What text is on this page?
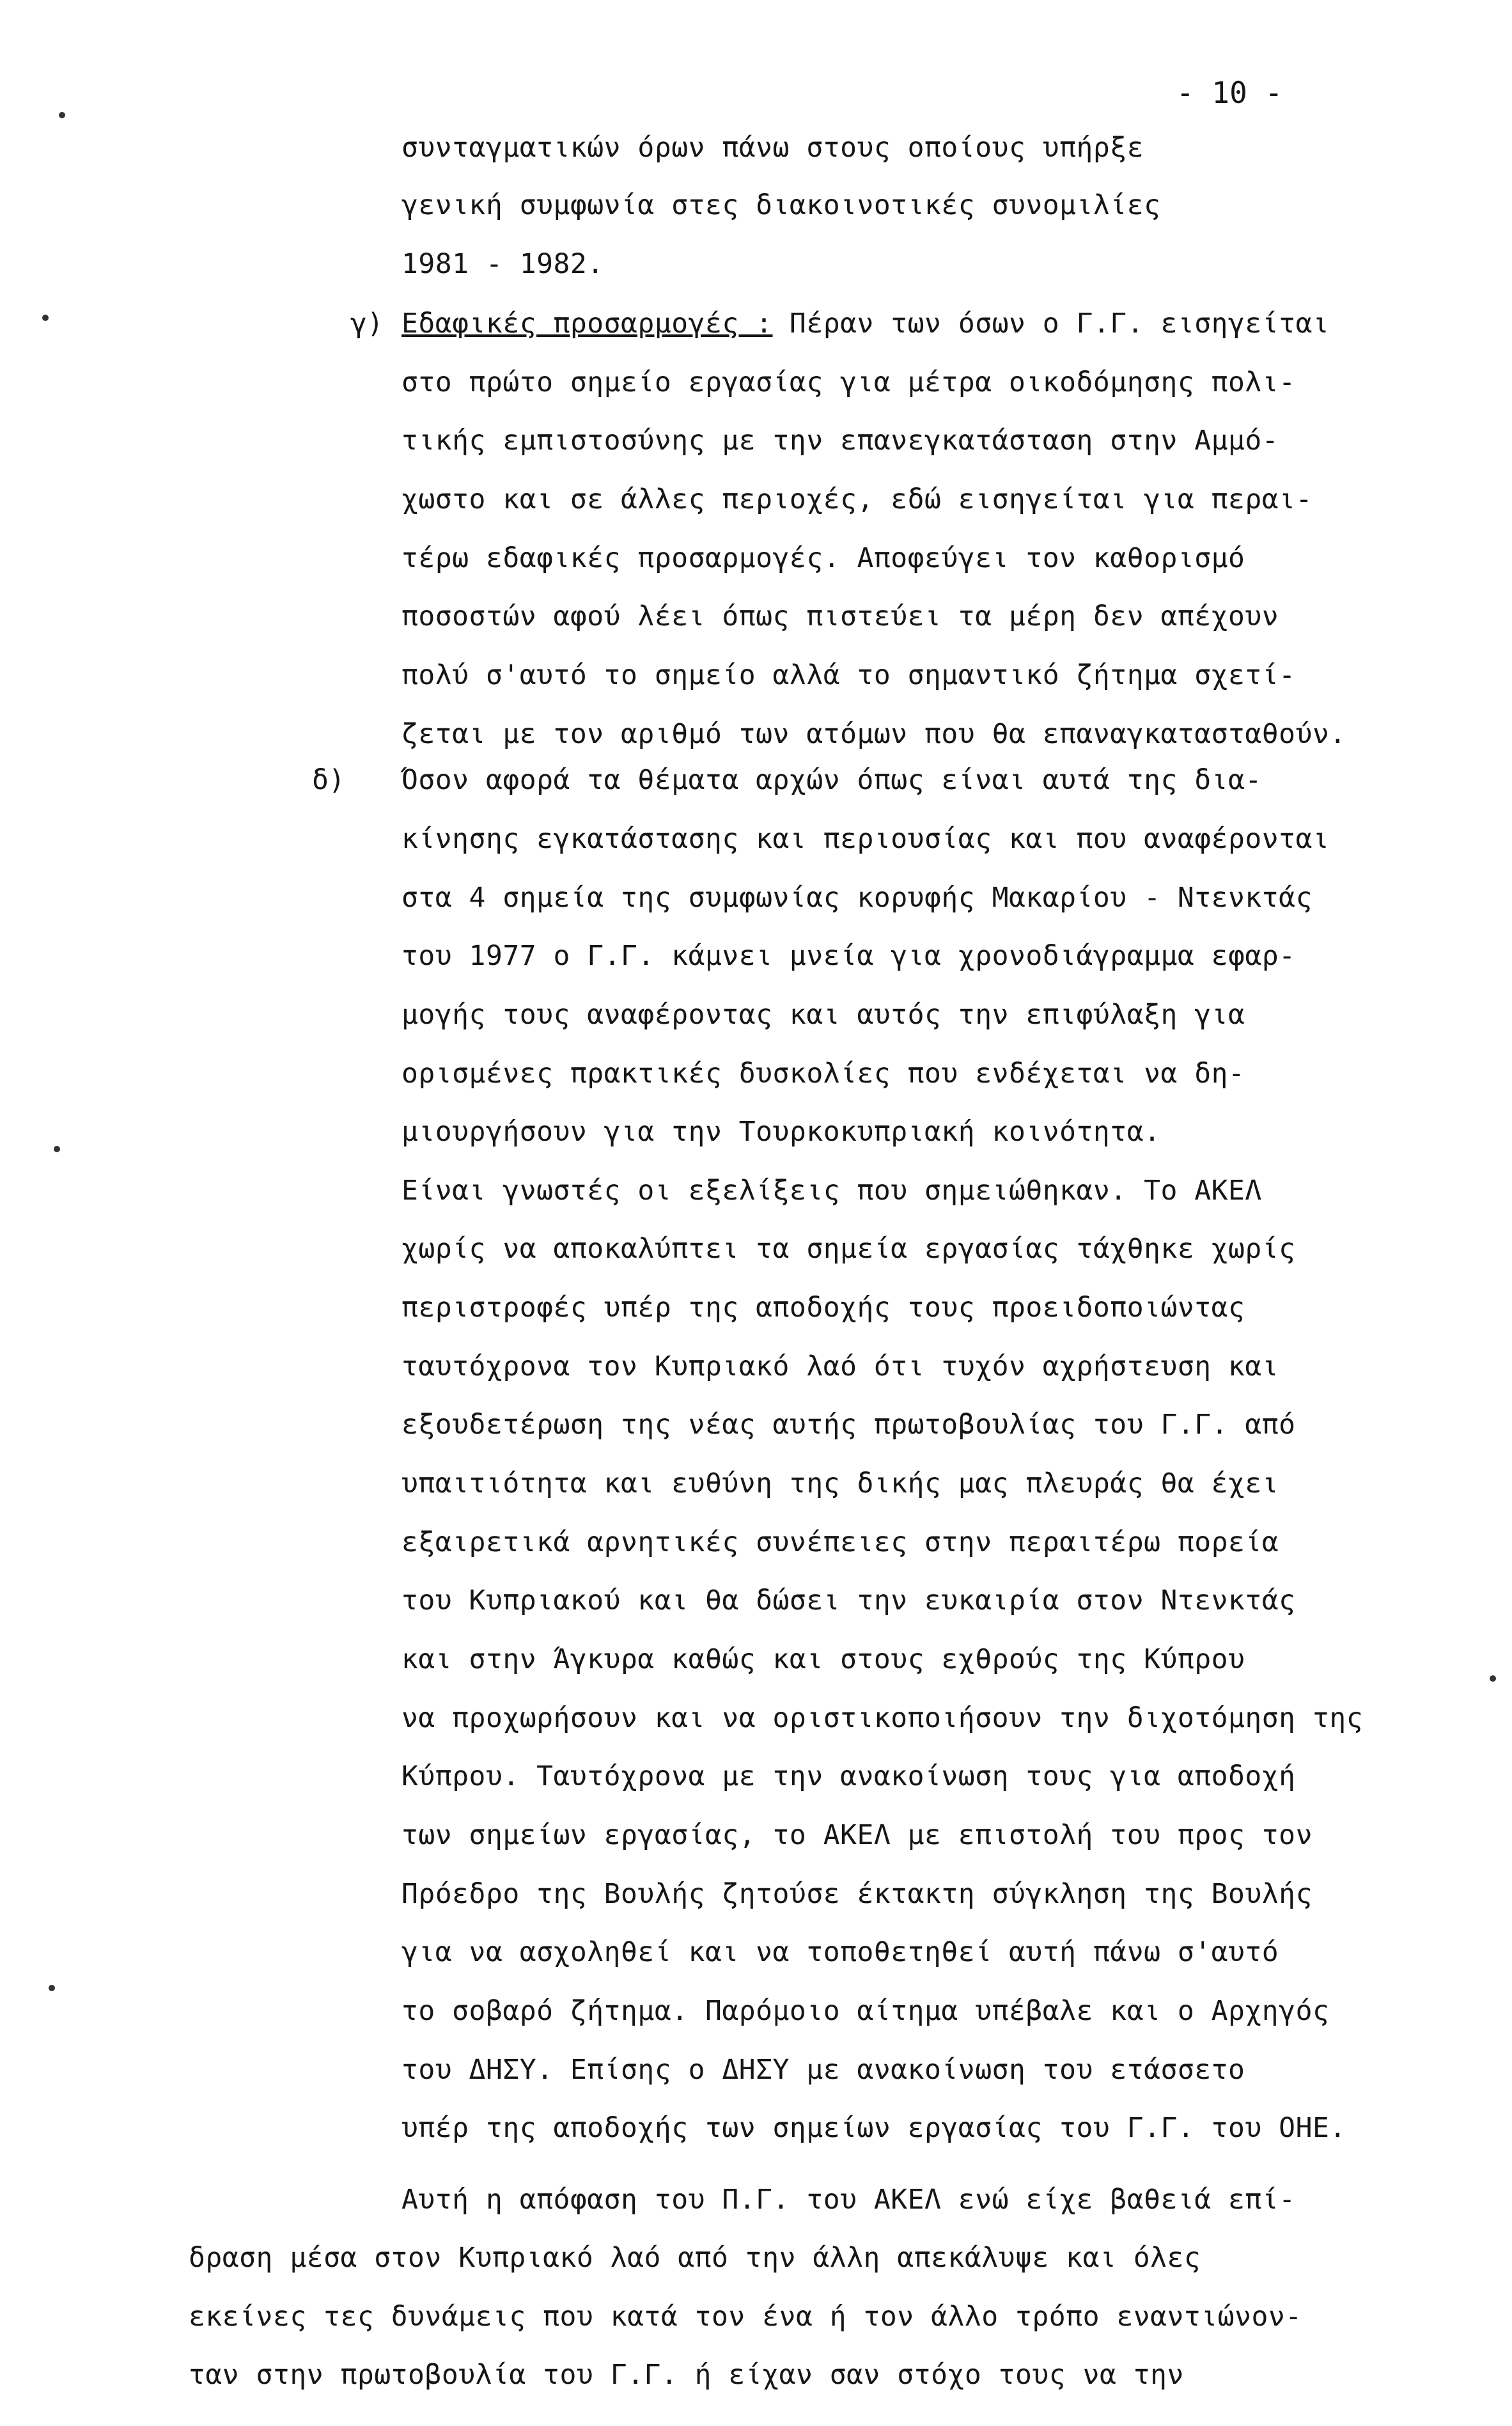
- 10 -
συνταγματικών όρων πάνω στους οποίους υπήρξε
γενική συμφωνία στες διακοινοτικές συνομιλίες
1981 - 1982.
γ) Εδαφικές προσαρμογές : Πέραν των όσων ο Γ.Γ. εισηγείται
στο πρώτο σημείο εργασίας για μέτρα οικοδόμησης πολι-
τικής εμπιστοσύνης με την επανεγκατάσταση στην Αμμό-
χωστο και σε άλλες περιοχές, εδώ εισηγείται για περαι-
τέρω εδαφικές προσαρμογές. Αποφεύγει τον καθορισμό
ποσοστών αφού λέει όπως πιστεύει τα μέρη δεν απέχουν
πολύ σ'αυτό το σημείο αλλά το σημαντικό ζήτημα σχετί-
ζεται με τον αριθμό των ατόμων που θα επαναγκατασταθούν.
δ) Όσον αφορά τα θέματα αρχών όπως είναι αυτά της δια-
κίνησης εγκατάστασης και περιουσίας και που αναφέρονται
στα 4 σημεία της συμφωνίας κορυφής Μακαρίου - Ντενκτάς
του 1977 ο Γ.Γ. κάμνει μνεία για χρονοδιάγραμμα εφαρ-
μογής τους αναφέροντας και αυτός την επιφύλαξη για
ορισμένες πρακτικές δυσκολίες που ενδέχεται να δη-
μιουργήσουν για την Τουρκοκυπριακή κοινότητα.
Είναι γνωστές οι εξελίξεις που σημειώθηκαν. Το ΑΚΕΛ
χωρίς να αποκαλύπτει τα σημεία εργασίας τάχθηκε χωρίς
περιστροφές υπέρ της αποδοχής τους προειδοποιώντας
ταυτόχρονα τον Κυπριακό λαό ότι τυχόν αχρήστευση και
εξουδετέρωση της νέας αυτής πρωτοβουλίας του Γ.Γ. από
υπαιτιότητα και ευθύνη της δικής μας πλευράς θα έχει
εξαιρετικά αρνητικές συνέπειες στην περαιτέρω πορεία
του Κυπριακού και θα δώσει την ευκαιρία στον Ντενκτάς
και στην Άγκυρα καθώς και στους εχθρούς της Κύπρου
να προχωρήσουν και να οριστικοποιήσουν την διχοτόμηση της
Κύπρου. Ταυτόχρονα με την ανακοίνωση τους για αποδοχή
των σημείων εργασίας, το ΑΚΕΛ με επιστολή του προς τον
Πρόεδρο της Βουλής ζητούσε έκτακτη σύγκληση της Βουλής
για να ασχοληθεί και να τοποθετηθεί αυτή πάνω σ'αυτό
το σοβαρό ζήτημα. Παρόμοιο αίτημα υπέβαλε και ο Αρχηγός
του ΔΗΣΥ. Επίσης ο ΔΗΣΥ με ανακοίνωση του ετάσσετο
υπέρ της αποδοχής των σημείων εργασίας του Γ.Γ. του ΟΗΕ.
Αυτή η απόφαση του Π.Γ. του ΑΚΕΛ ενώ είχε βαθειά επί-
δραση μέσα στον Κυπριακό λαό από την άλλη απεκάλυψε και όλες
εκείνες τες δυνάμεις που κατά τον ένα ή τον άλλο τρόπο εναντιώνον-
ταν στην πρωτοβουλία του Γ.Γ. ή είχαν σαν στόχο τους να την
